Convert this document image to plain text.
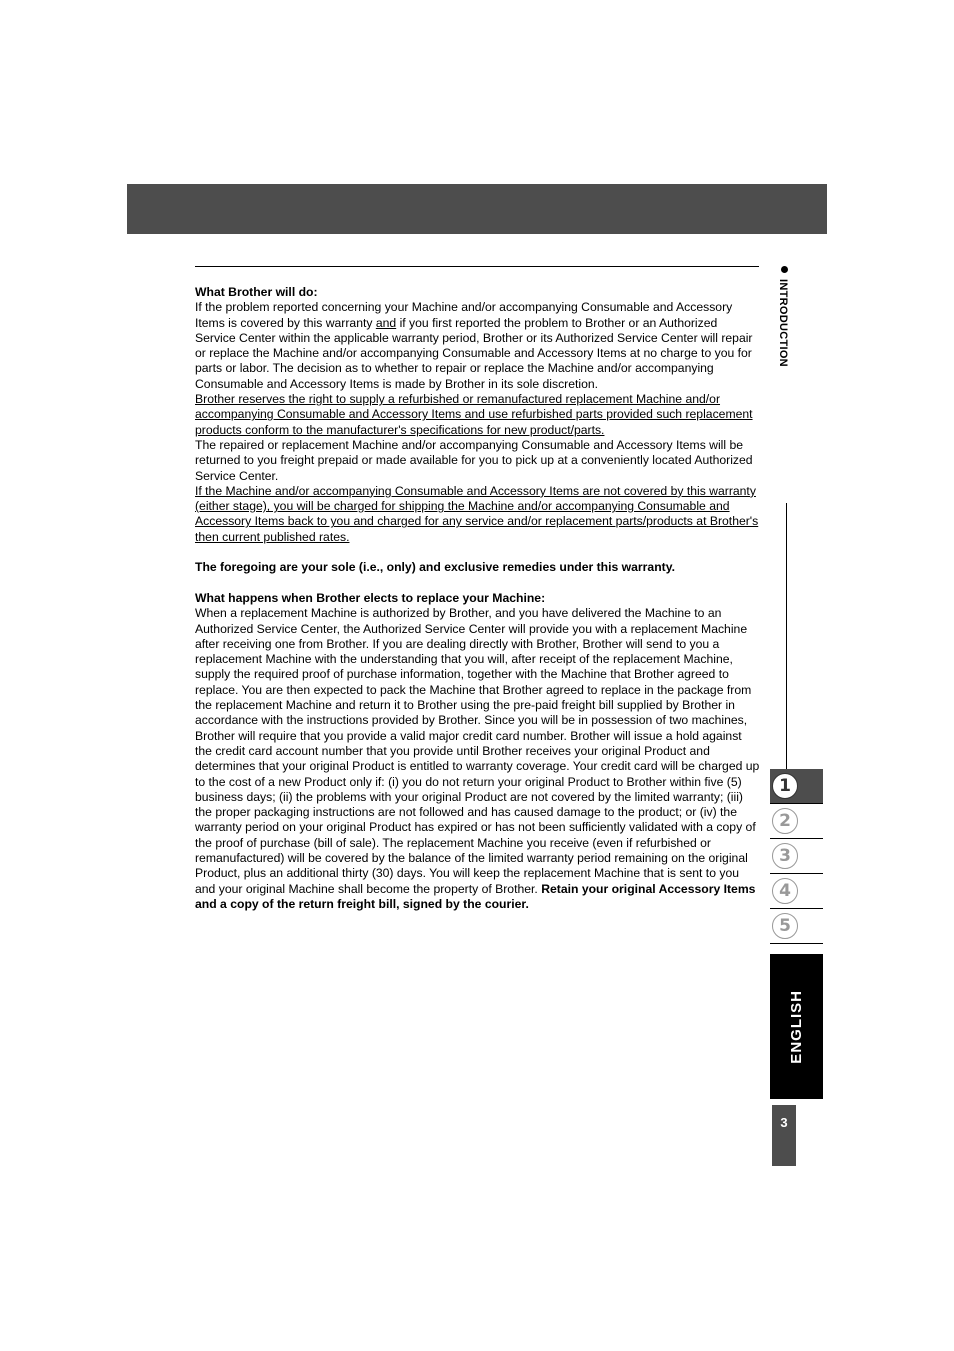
What Brother will do:

If the problem reported concerning your Machine and/or accompanying Consumable and Accessory Items is covered by this warranty and if you first reported the problem to Brother or an Authorized Service Center within the applicable warranty period, Brother or its Authorized Service Center will repair or replace the Machine and/or accompanying Consumable and Accessory Items at no charge to you for parts or labor. The decision as to whether to repair or replace the Machine and/or accompanying Consumable and Accessory Items is made by Brother in its sole discretion.

Brother reserves the right to supply a refurbished or remanufactured replacement Machine and/or accompanying Consumable and Accessory Items and use refurbished parts provided such replacement products conform to the manufacturer's specifications for new product/parts.

The repaired or replacement Machine and/or accompanying Consumable and Accessory Items will be returned to you freight prepaid or made available for you to pick up at a conveniently located Authorized Service Center.

If the Machine and/or accompanying Consumable and Accessory Items are not covered by this warranty (either stage), you will be charged for shipping the Machine and/or accompanying Consumable and Accessory Items back to you and charged for any service and/or replacement parts/products at Brother's then current published rates.

The foregoing are your sole (i.e., only) and exclusive remedies under this warranty.

What happens when Brother elects to replace your Machine:

When a replacement Machine is authorized by Brother, and you have delivered the Machine to an Authorized Service Center, the Authorized Service Center will provide you with a replacement Machine after receiving one from Brother. If you are dealing directly with Brother, Brother will send to you a replacement Machine with the understanding that you will, after receipt of the replacement Machine, supply the required proof of purchase information, together with the Machine that Brother agreed to replace. You are then expected to pack the Machine that Brother agreed to replace in the package from the replacement Machine and return it to Brother using the pre-paid freight bill supplied by Brother in accordance with the instructions provided by Brother. Since you will be in possession of two machines, Brother will require that you provide a valid major credit card number. Brother will issue a hold against the credit card account number that you provide until Brother receives your original Product and determines that your original Product is entitled to warranty coverage. Your credit card will be charged up to the cost of a new Product only if: (i) you do not return your original Product to Brother within five (5) business days; (ii) the problems with your original Product are not covered by the limited warranty; (iii) the proper packaging instructions are not followed and has caused damage to the product; or (iv) the warranty period on your original Product has expired or has not been sufficiently validated with a copy of the proof of purchase (bill of sale). The replacement Machine you receive (even if refurbished or remanufactured) will be covered by the balance of the limited warranty period remaining on the original Product, plus an additional thirty (30) days. You will keep the replacement Machine that is sent to you and your original Machine shall become the property of Brother. Retain your original Accessory Items and a copy of the return freight bill, signed by the courier.

INTRODUCTION
1
2
3
4
5
ENGLISH
3
